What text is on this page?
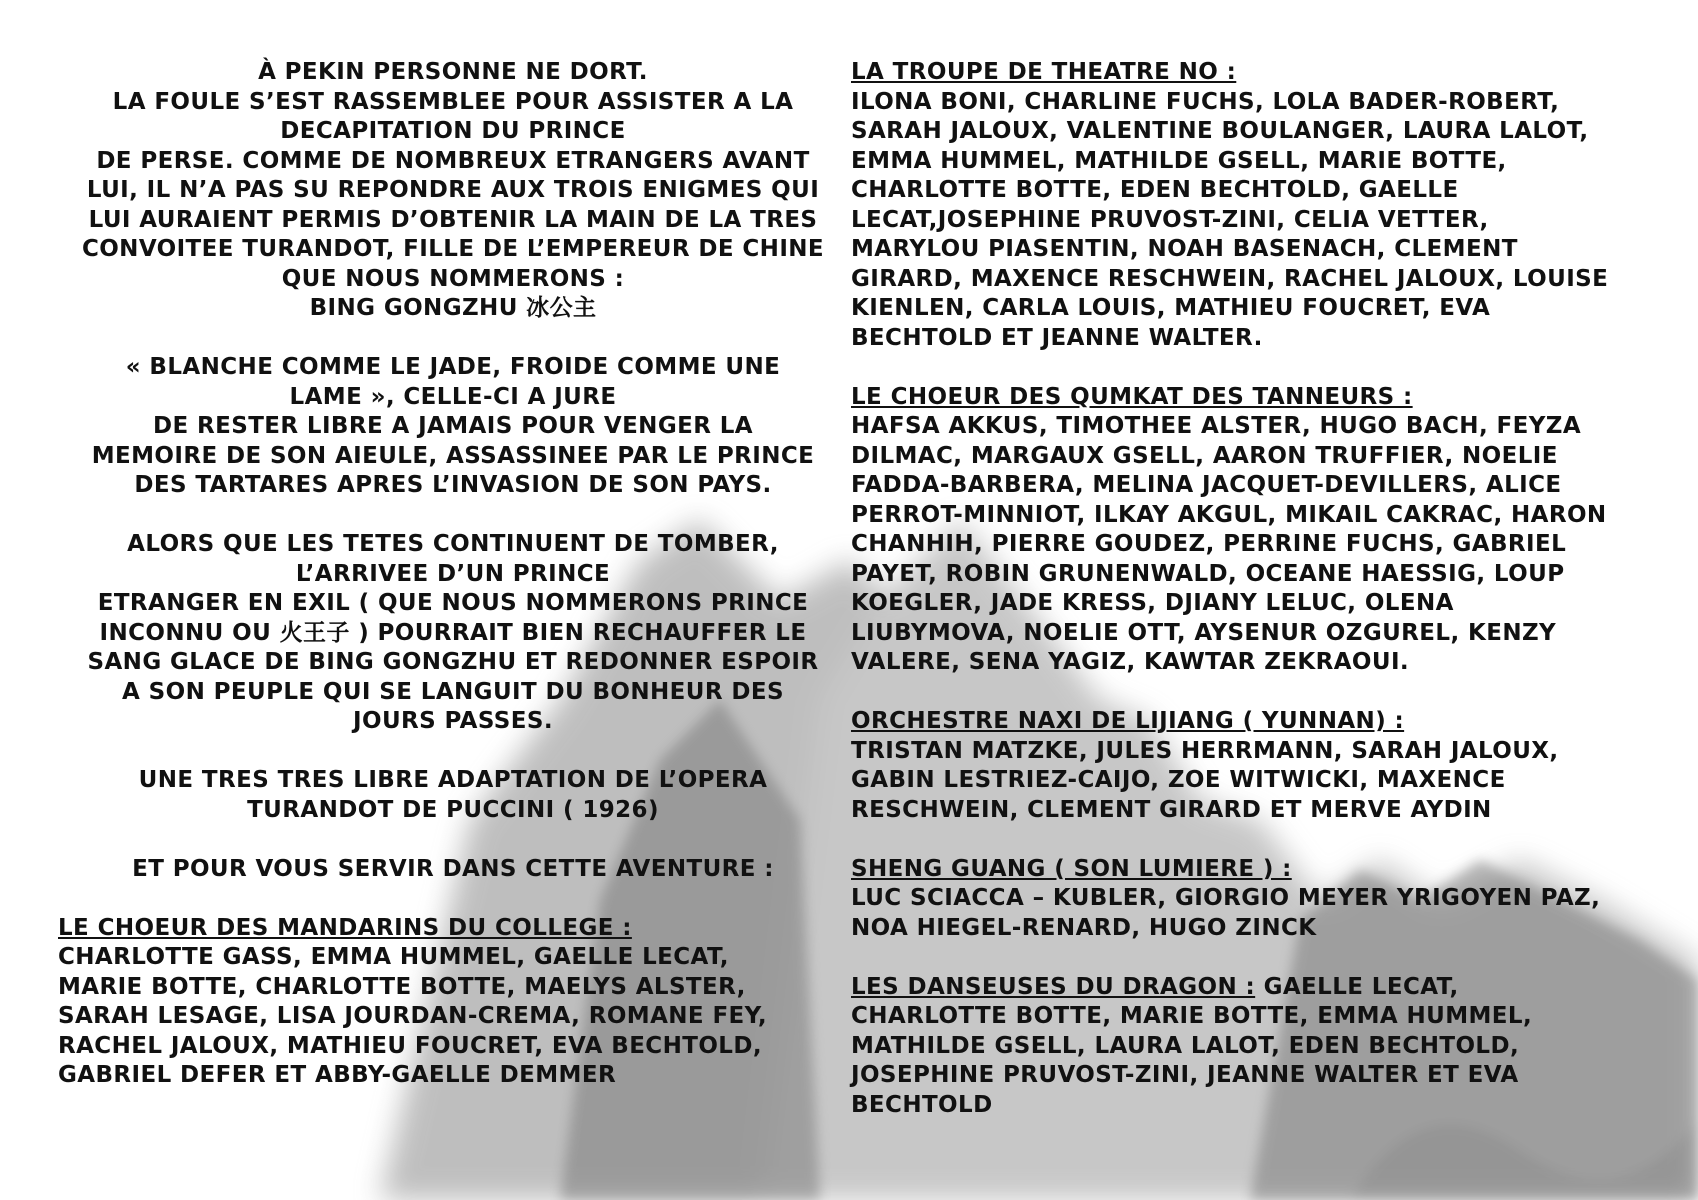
À PEKIN PERSONNE NE DORT.
LA FOULE S’EST RASSEMBLEE POUR ASSISTER A LA
DECAPITATION DU PRINCE
DE PERSE. COMME DE NOMBREUX ETRANGERS AVANT
LUI, IL N’A PAS SU REPONDRE AUX TROIS ENIGMES QUI
LUI AURAIENT PERMIS D’OBTENIR LA MAIN DE LA TRES
CONVOITEE TURANDOT, FILLE DE L’EMPEREUR DE CHINE
QUE NOUS NOMMERONS :
BING GONGZHU 冰公主

« BLANCHE COMME LE JADE, FROIDE COMME UNE
LAME », CELLE-CI A JURE
DE RESTER LIBRE A JAMAIS POUR VENGER LA
MEMOIRE DE SON AIEULE, ASSASSINEE PAR LE PRINCE
DES TARTARES APRES L’INVASION DE SON PAYS.

ALORS QUE LES TETES CONTINUENT DE TOMBER,
L’ARRIVEE D’UN PRINCE
ETRANGER EN EXIL ( QUE NOUS NOMMERONS PRINCE
INCONNU OU 火王子 ) POURRAIT BIEN RECHAUFFER LE
SANG GLACE DE BING GONGZHU ET REDONNER ESPOIR
A SON PEUPLE QUI SE LANGUIT DU BONHEUR DES
JOURS PASSES.

UNE TRES TRES LIBRE ADAPTATION DE L’OPERA
TURANDOT DE PUCCINI ( 1926)

ET POUR VOUS SERVIR DANS CETTE AVENTURE :

LE CHOEUR DES MANDARINS DU COLLEGE :

CHARLOTTE GASS, EMMA HUMMEL, GAELLE LECAT,
MARIE BOTTE, CHARLOTTE BOTTE, MAELYS ALSTER,
SARAH LESAGE, LISA JOURDAN-CREMA, ROMANE FEY,
RACHEL JALOUX, MATHIEU FOUCRET, EVA BECHTOLD,
GABRIEL DEFER ET ABBY-GAELLE DEMMER

LA TROUPE DE THEATRE NO :

ILONA BONI, CHARLINE FUCHS, LOLA BADER-ROBERT,
SARAH JALOUX, VALENTINE BOULANGER, LAURA LALOT,
EMMA HUMMEL, MATHILDE GSELL, MARIE BOTTE,
CHARLOTTE BOTTE, EDEN BECHTOLD, GAELLE
LECAT,JOSEPHINE PRUVOST-ZINI, CELIA VETTER,
MARYLOU PIASENTIN, NOAH BASENACH, CLEMENT
GIRARD, MAXENCE RESCHWEIN, RACHEL JALOUX, LOUISE
KIENLEN, CARLA LOUIS, MATHIEU FOUCRET, EVA
BECHTOLD ET JEANNE WALTER.

LE CHOEUR DES QUMKAT DES TANNEURS :

HAFSA AKKUS, TIMOTHEE ALSTER, HUGO BACH, FEYZA
DILMAC, MARGAUX GSELL, AARON TRUFFIER, NOELIE
FADDA-BARBERA, MELINA JACQUET-DEVILLERS, ALICE
PERROT-MINNIOT, ILKAY AKGUL, MIKAIL CAKRAC, HARON
CHANHIH, PIERRE GOUDEZ, PERRINE FUCHS, GABRIEL
PAYET, ROBIN GRUNENWALD, OCEANE HAESSIG, LOUP
KOEGLER, JADE KRESS, DJIANY LELUC, OLENA
LIUBYMOVA, NOELIE OTT, AYSENUR OZGUREL, KENZY
VALERE, SENA YAGIZ, KAWTAR ZEKRAOUI.

ORCHESTRE NAXI DE LIJIANG ( YUNNAN) :

TRISTAN MATZKE, JULES HERRMANN, SARAH JALOUX,
GABIN LESTRIEZ-CAIJO, ZOE WITWICKI, MAXENCE
RESCHWEIN, CLEMENT GIRARD ET MERVE AYDIN

SHENG GUANG ( SON LUMIERE ) :

LUC SCIACCA – KUBLER, GIORGIO MEYER YRIGOYEN PAZ,
NOA HIEGEL-RENARD, HUGO ZINCK

LES DANSEUSES DU DRAGON : GAELLE LECAT,

CHARLOTTE BOTTE, MARIE BOTTE, EMMA HUMMEL,
MATHILDE GSELL, LAURA LALOT, EDEN BECHTOLD,
JOSEPHINE PRUVOST-ZINI, JEANNE WALTER ET EVA
BECHTOLD
